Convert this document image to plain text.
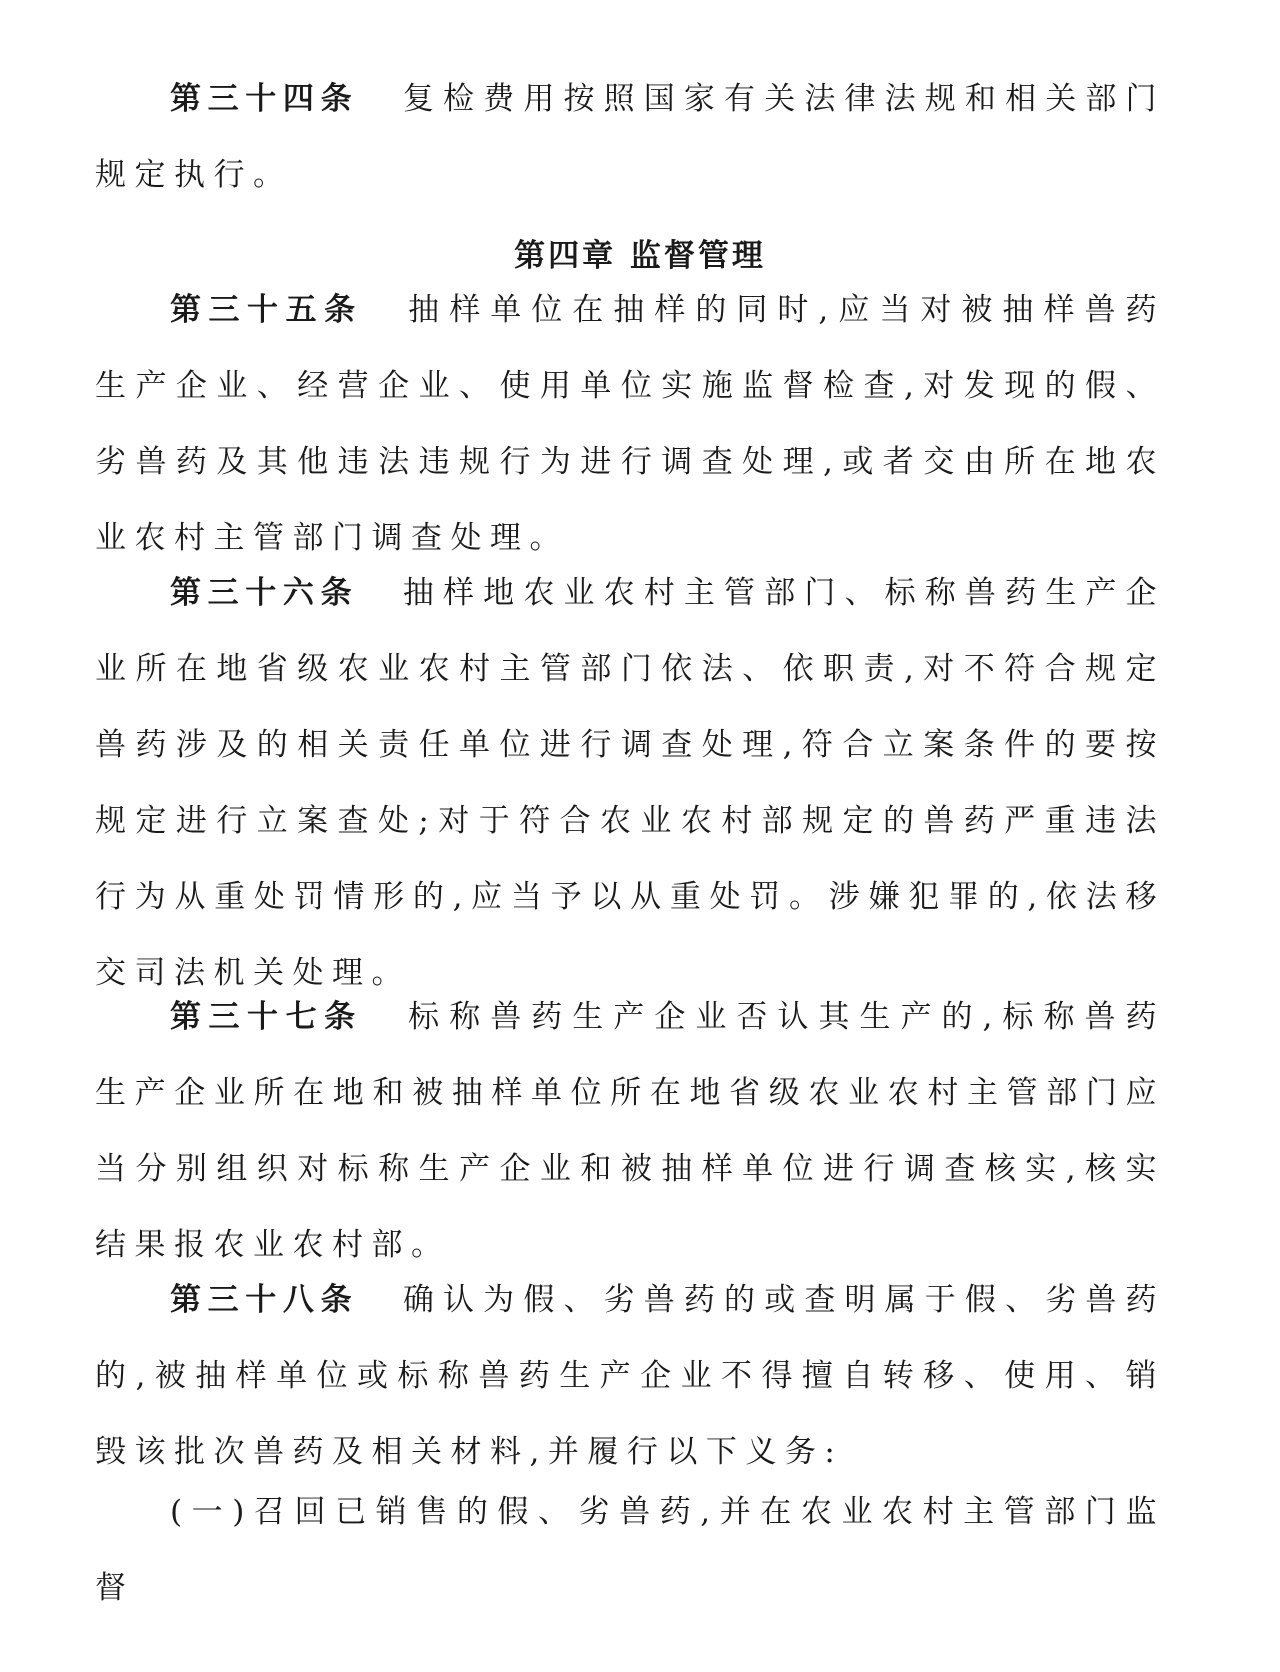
第三十四条 复检费用按照国家有关法律法规和相关部门规定执行。

第四章 监督管理

第三十五条 抽样单位在抽样的同时,应当对被抽样兽药生产企业、经营企业、使用单位实施监督检查,对发现的假、劣兽药及其他违法违规行为进行调查处理,或者交由所在地农业农村主管部门调查处理。

第三十六条 抽样地农业农村主管部门、标称兽药生产企业所在地省级农业农村主管部门依法、依职责,对不符合规定兽药涉及的相关责任单位进行调查处理,符合立案条件的要按规定进行立案查处;对于符合农业农村部规定的兽药严重违法行为从重处罚情形的,应当予以从重处罚。涉嫌犯罪的,依法移交司法机关处理。

第三十七条 标称兽药生产企业否认其生产的,标称兽药生产企业所在地和被抽样单位所在地省级农业农村主管部门应当分别组织对标称生产企业和被抽样单位进行调查核实,核实结果报农业农村部。

第三十八条 确认为假、劣兽药的或查明属于假、劣兽药的,被抽样单位或标称兽药生产企业不得擅自转移、使用、销毁该批次兽药及相关材料,并履行以下义务:

(一)召回已销售的假、劣兽药,并在农业农村主管部门监督
